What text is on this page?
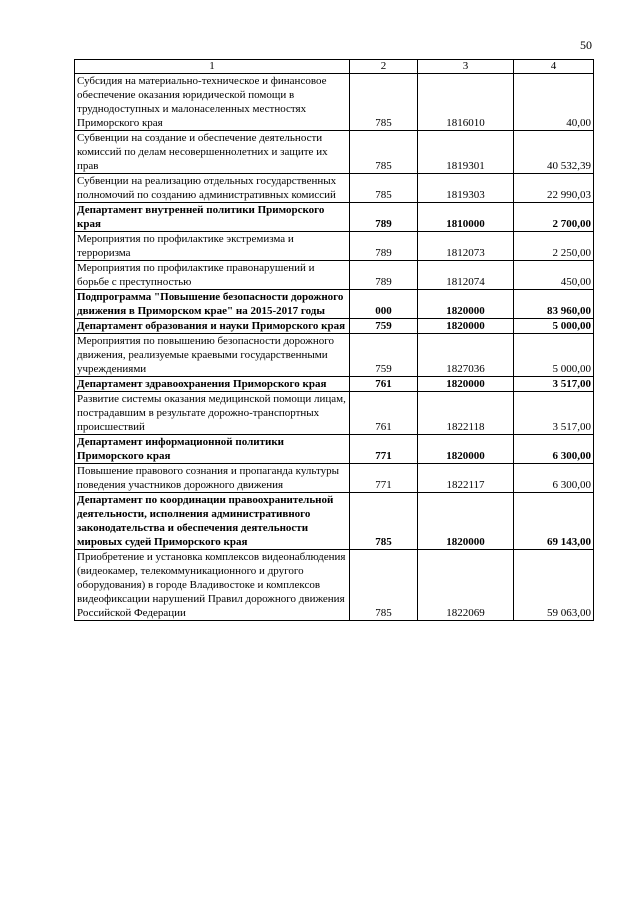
50
1	2	3	4
Субсидия на материально-техническое и финансовое обеспечение оказания юридической помощи в труднодоступных и малонаселенных местностях Приморского края	785	1816010	40,00
Субвенции на создание и обеспечение деятельности комиссий по делам несовершеннолетних и защите их прав	785	1819301	40 532,39
Субвенции на реализацию отдельных государственных полномочий по созданию административных комиссий	785	1819303	22 990,03
Департамент внутренней политики Приморского края	789	1810000	2 700,00
Мероприятия по профилактике экстремизма и терроризма	789	1812073	2 250,00
Мероприятия по профилактике правонарушений и борьбе с преступностью	789	1812074	450,00
Подпрограмма "Повышение безопасности дорожного движения в Приморском крае" на 2015-2017 годы	000	1820000	83 960,00
Департамент образования и науки Приморского края	759	1820000	5 000,00
Мероприятия по повышению безопасности дорожного движения, реализуемые краевыми государственными учреждениями	759	1827036	5 000,00
Департамент здравоохранения Приморского края	761	1820000	3 517,00
Развитие системы оказания медицинской помощи лицам, пострадавшим в результате дорожно-транспортных происшествий	761	1822118	3 517,00
Департамент информационной политики Приморского края	771	1820000	6 300,00
Повышение правового сознания и пропаганда культуры поведения участников дорожного движения	771	1822117	6 300,00
Департамент по координации правоохранительной деятельности, исполнения административного законодательства и обеспечения деятельности мировых судей Приморского края	785	1820000	69 143,00
Приобретение и установка комплексов видеонаблюдения (видеокамер, телекоммуникационного и другого оборудования) в городе Владивостоке и комплексов видеофиксации нарушений Правил дорожного движения Российской Федерации	785	1822069	59 063,00
